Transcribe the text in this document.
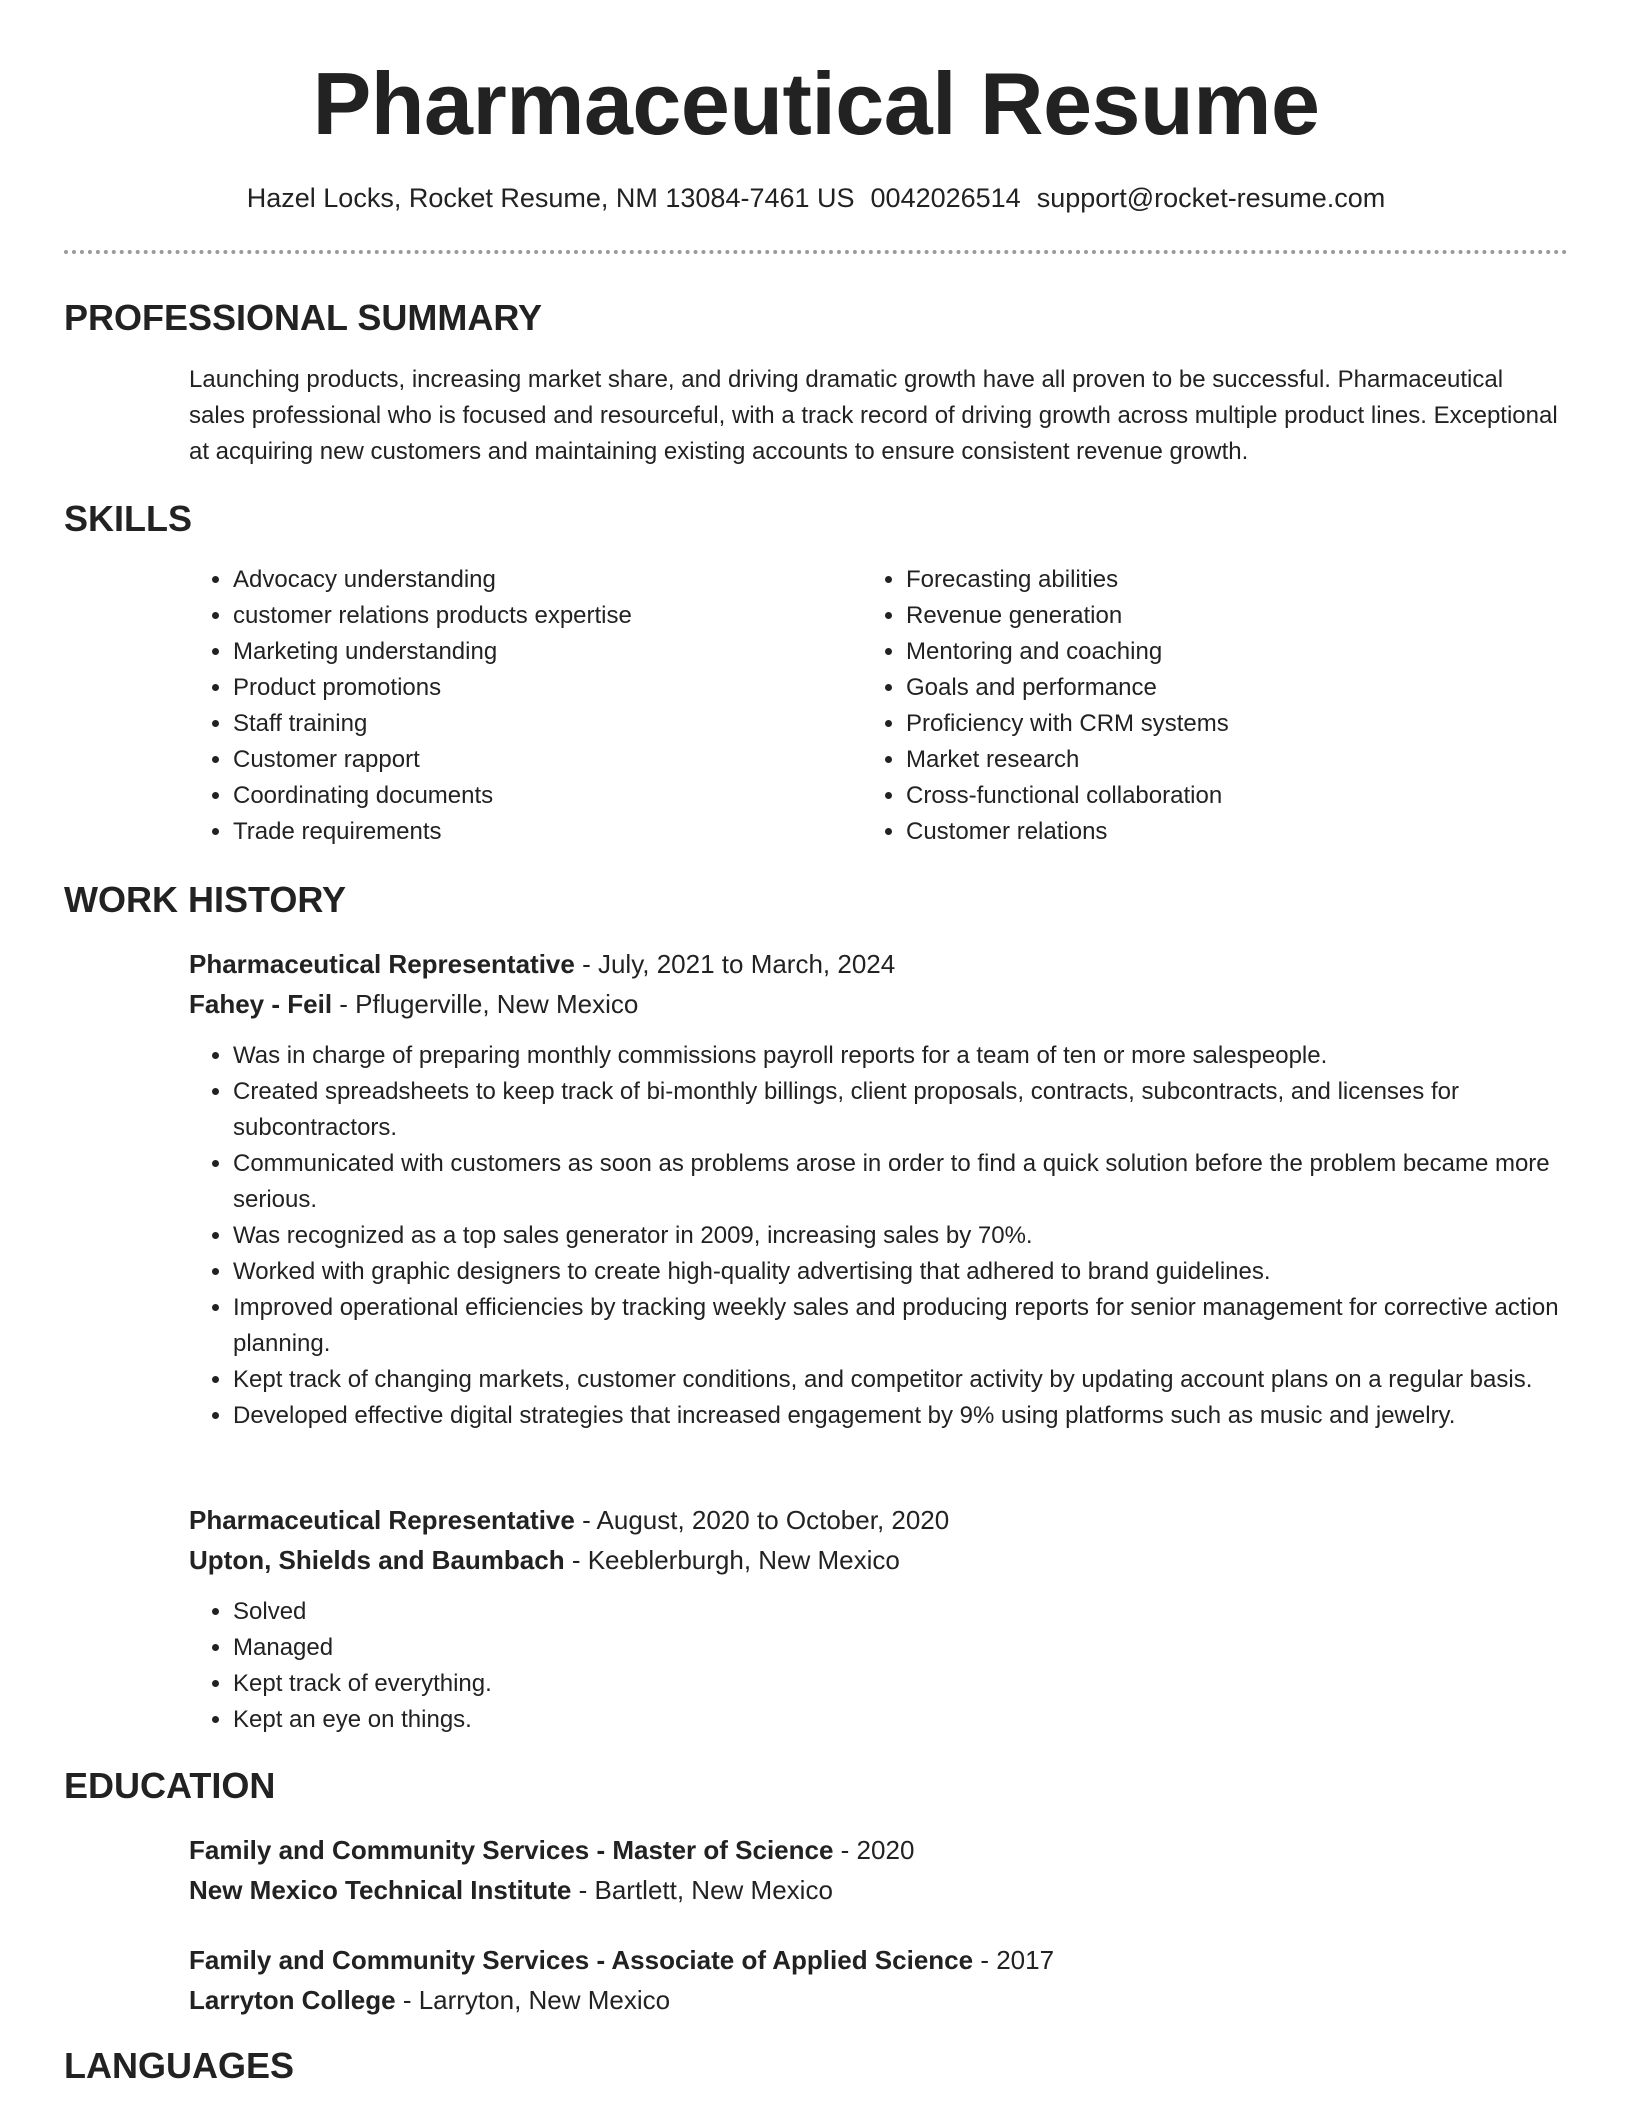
Pharmaceutical Resume
Hazel Locks, Rocket Resume, NM 13084-7461 US 0042026514 support@rocket-resume.com
PROFESSIONAL SUMMARY
Launching products, increasing market share, and driving dramatic growth have all proven to be successful. Pharmaceutical sales professional who is focused and resourceful, with a track record of driving growth across multiple product lines. Exceptional at acquiring new customers and maintaining existing accounts to ensure consistent revenue growth.
SKILLS
• Advocacy understanding
• customer relations products expertise
• Marketing understanding
• Product promotions
• Staff training
• Customer rapport
• Coordinating documents
• Trade requirements
• Forecasting abilities
• Revenue generation
• Mentoring and coaching
• Goals and performance
• Proficiency with CRM systems
• Market research
• Cross-functional collaboration
• Customer relations
WORK HISTORY
Pharmaceutical Representative - July, 2021 to March, 2024
Fahey - Feil - Pflugerville, New Mexico
• Was in charge of preparing monthly commissions payroll reports for a team of ten or more salespeople.
• Created spreadsheets to keep track of bi-monthly billings, client proposals, contracts, subcontracts, and licenses for subcontractors.
• Communicated with customers as soon as problems arose in order to find a quick solution before the problem became more serious.
• Was recognized as a top sales generator in 2009, increasing sales by 70%.
• Worked with graphic designers to create high-quality advertising that adhered to brand guidelines.
• Improved operational efficiencies by tracking weekly sales and producing reports for senior management for corrective action planning.
• Kept track of changing markets, customer conditions, and competitor activity by updating account plans on a regular basis.
• Developed effective digital strategies that increased engagement by 9% using platforms such as music and jewelry.
Pharmaceutical Representative - August, 2020 to October, 2020
Upton, Shields and Baumbach - Keeblerburgh, New Mexico
• Solved
• Managed
• Kept track of everything.
• Kept an eye on things.
EDUCATION
Family and Community Services - Master of Science - 2020
New Mexico Technical Institute - Bartlett, New Mexico
Family and Community Services - Associate of Applied Science - 2017
Larryton College - Larryton, New Mexico
LANGUAGES
